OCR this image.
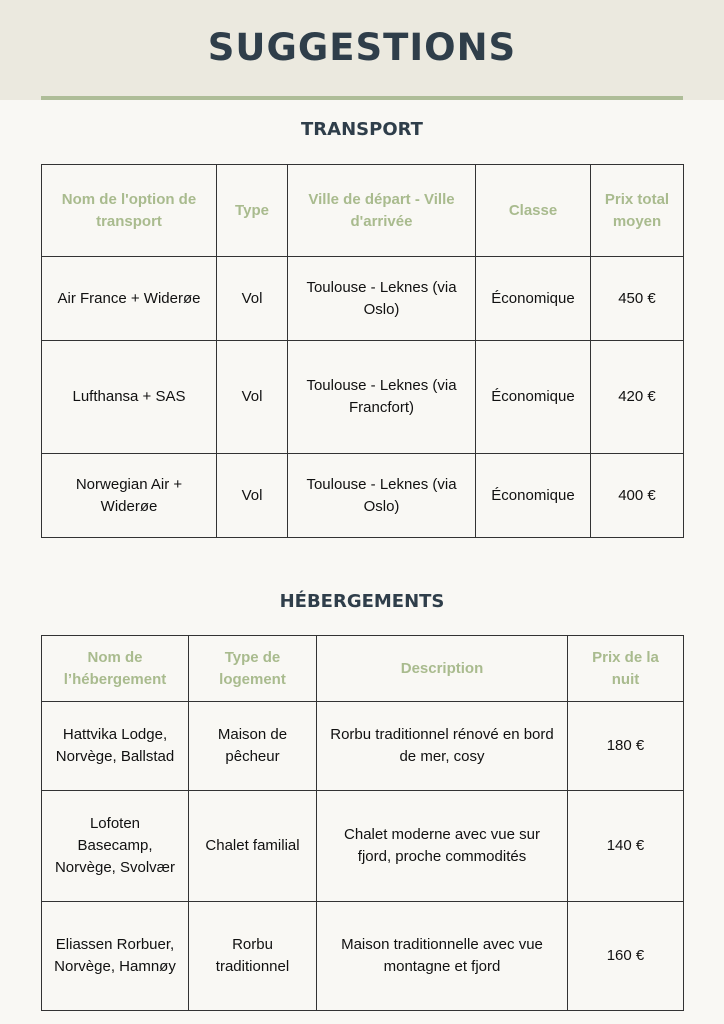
SUGGESTIONS
TRANSPORT
Nom de l'option de transport	Type	Ville de départ - Ville d'arrivée	Classe	Prix total moyen
Air France + Widerøe	Vol	Toulouse - Leknes (via Oslo)	Économique	450 €
Lufthansa + SAS	Vol	Toulouse - Leknes (via Francfort)	Économique	420 €
Norwegian Air + Widerøe	Vol	Toulouse - Leknes (via Oslo)	Économique	400 €
HÉBERGEMENTS
Nom de l’hébergement	Type de logement	Description	Prix de la nuit
Hattvika Lodge, Norvège, Ballstad	Maison de pêcheur	Rorbu traditionnel rénové en bord de mer, cosy	180 €
Lofoten Basecamp, Norvège, Svolvær	Chalet familial	Chalet moderne avec vue sur fjord, proche commodités	140 €
Eliassen Rorbuer, Norvège, Hamnøy	Rorbu traditionnel	Maison traditionnelle avec vue montagne et fjord	160 €
